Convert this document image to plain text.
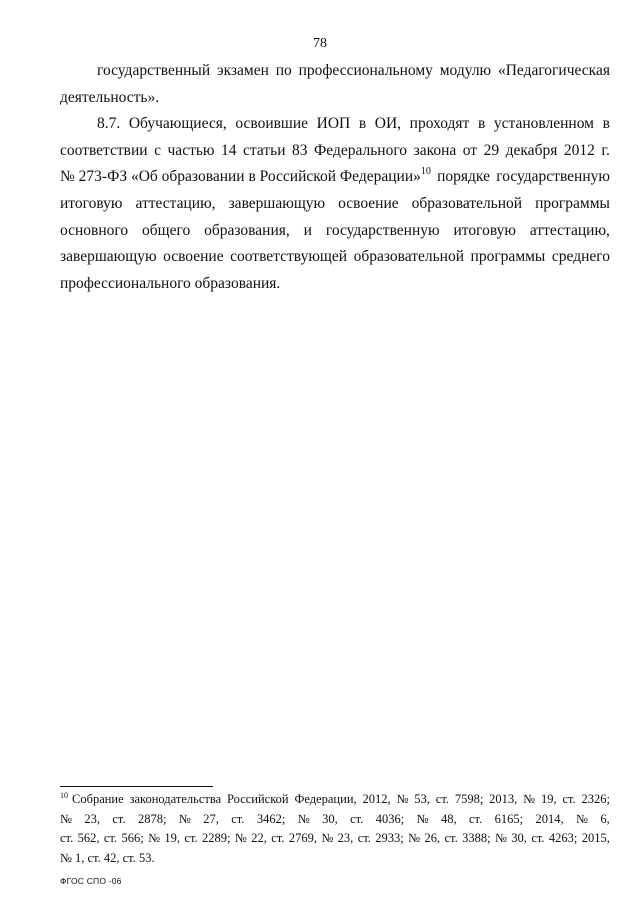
78
государственный экзамен по профессиональному модулю «Педагогическая
деятельность».
8.7. Обучающиеся, освоившие ИОП в ОИ, проходят в установленном в
соответствии с частью 14 статьи 83 Федерального закона от 29 декабря 2012 г.
№ 273-ФЗ «Об образовании в Российской Федерации»$^{10}$ порядке государственную
итоговую аттестацию, завершающую освоение образовательной программы
основного общего образования, и государственную итоговую аттестацию,
завершающую освоение соответствующей образовательной программы среднего
профессионального образования.
$^{10}$ Собрание законодательства Российской Федерации, 2012, № 53, ст. 7598; 2013, № 19, ст. 2326;
№ 23, ст. 2878; № 27, ст. 3462; № 30, ст. 4036; № 48, ст. 6165; 2014, № 6,
ст. 562, ст. 566; № 19, ст. 2289; № 22, ст. 2769, № 23, ст. 2933; № 26, ст. 3388; № 30, ст. 4263; 2015,
№ 1, ст. 42, ст. 53.
ФГОС СПО -06
